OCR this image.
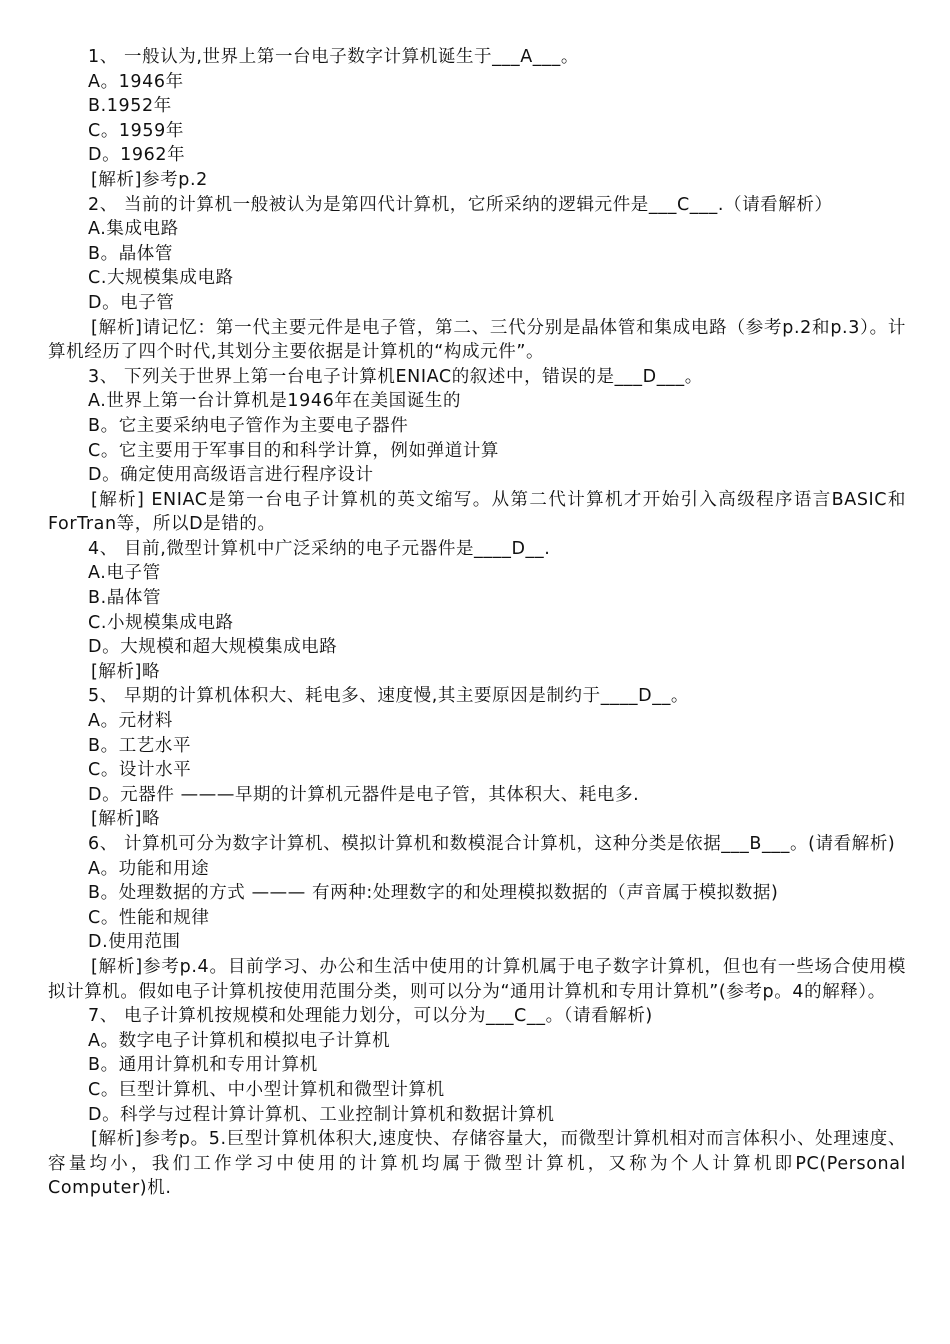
1、 一般认为,世界上第一台电子数字计算机诞生于___A___。
A。1946年
B.1952年
C。1959年
D。1962年
[解析]参考p.2
2、 当前的计算机一般被认为是第四代计算机，它所采纳的逻辑元件是___C___.（请看解析）
A.集成电路
B。晶体管
C.大规模集成电路
D。电子管
[解析]请记忆：第一代主要元件是电子管，第二、三代分别是晶体管和集成电路（参考p.2和p.3）。计算机经历了四个时代,其划分主要依据是计算机的“构成元件”。
3、 下列关于世界上第一台电子计算机ENIAC的叙述中，错误的是___D___。
A.世界上第一台计算机是1946年在美国诞生的
B。它主要采纳电子管作为主要电子器件
C。它主要用于军事目的和科学计算，例如弹道计算
D。确定使用高级语言进行程序设计
[解析] ENIAC是第一台电子计算机的英文缩写。从第二代计算机才开始引入高级程序语言BASIC和ForTran等，所以D是错的。
4、 目前,微型计算机中广泛采纳的电子元器件是____D__.
A.电子管
B.晶体管
C.小规模集成电路
D。大规模和超大规模集成电路
[解析]略
5、 早期的计算机体积大、耗电多、速度慢,其主要原因是制约于____D__。
A。元材料
B。工艺水平
C。设计水平
D。元器件 ———早期的计算机元器件是电子管，其体积大、耗电多.
[解析]略
6、 计算机可分为数字计算机、模拟计算机和数模混合计算机，这种分类是依据___B___。(请看解析)
A。功能和用途
B。处理数据的方式 ——— 有两种:处理数字的和处理模拟数据的（声音属于模拟数据)
C。性能和规律
D.使用范围
[解析]参考p.4。目前学习、办公和生活中使用的计算机属于电子数字计算机，但也有一些场合使用模拟计算机。假如电子计算机按使用范围分类，则可以分为“通用计算机和专用计算机”(参考p。4的解释）。
7、 电子计算机按规模和处理能力划分，可以分为___C__。（请看解析)
A。数字电子计算机和模拟电子计算机
B。通用计算机和专用计算机
C。巨型计算机、中小型计算机和微型计算机
D。科学与过程计算计算机、工业控制计算机和数据计算机
[解析]参考p。5.巨型计算机体积大,速度快、存储容量大，而微型计算机相对而言体积小、处理速度、容量均小，我们工作学习中使用的计算机均属于微型计算机，又称为个人计算机即PC(Personal Computer)机.
